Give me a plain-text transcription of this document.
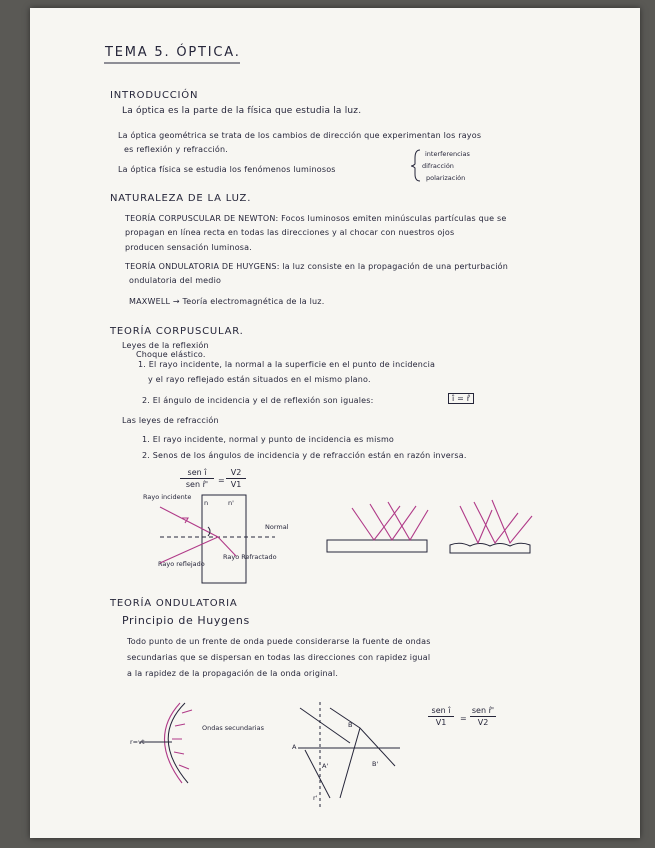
TEMA 5. ÓPTICA.
INTRODUCCIÓN
La óptica es la parte de la física que estudia la luz.
La óptica geométrica se trata de los cambios de dirección que experimentan los rayos
es reflexión y refracción.
La óptica física se estudia los fenómenos luminosos
interferencias
difracción
polarización
NATURALEZA DE LA LUZ.
TEORÍA CORPUSCULAR DE NEWTON: Focos luminosos emiten minúsculas partículas que se
propagan en línea recta en todas las direcciones y al chocar con nuestros ojos
producen sensación luminosa.
TEORÍA ONDULATORIA DE HUYGENS: la luz consiste en la propagación de una perturbación
ondulatoria del medio
MAXWELL → Teoría electromagnética de la luz.
TEORÍA CORPUSCULAR.
Leyes de la reflexión
Choque elástico.
1. El rayo incidente, la normal a la superficie en el punto de incidencia
y el rayo reflejado están situados en el mismo plano.
2. El ángulo de incidencia y el de reflexión son iguales:	î = r̂
Las leyes de refracción
1. El rayo incidente, normal y punto de incidencia es mismo
2. Senos de los ángulos de incidencia y de refracción están en razón inversa.
sen î
sen r̂'	=
V2
V1
Rayo incidente
Normal
Rayo reflejado
Rayo Refractado
n	n'
TEORÍA ONDULATORIA
Principio de Huygens
Todo punto de un frente de onda puede considerarse la fuente de ondas
secundarias que se dispersan en todas las direcciones con rapidez igual
a la rapidez de la propagación de la onda original.
Ondas secundarias
r=vt
B
A
A'	B'
r'
sen î
V1	=
sen r̂'
V2
